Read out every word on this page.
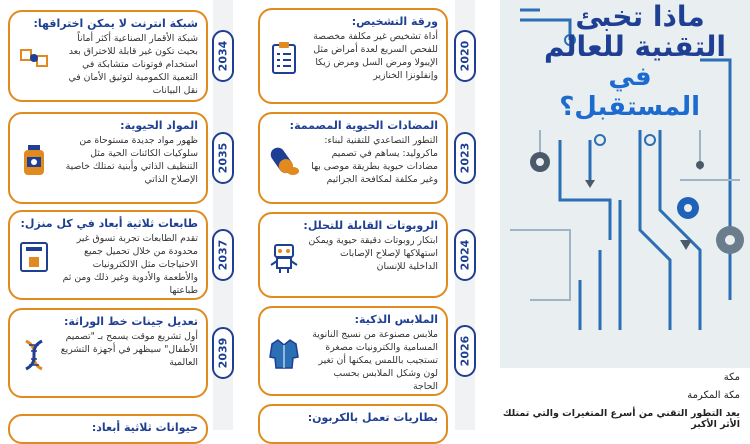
ماذا تخبئ
التقنية للعالم
في المستقبل؟
مكة
مكة المكرمة
يعد التطور التقني من أسرع المتغيرات والتي تمتلك الأثر الأكبر
ورقة التشخيص:
أداة تشخيص غير مكلفة مخصصة للفحص السريع لعدة أمراض مثل الإيبولا ومرض السل ومرض زيكا وإنفلونزا الخنازير
2020
المضادات الحيوية المصممة:
التطور التصاعدي للتقنية لبناء: ماكروليد: يساهم في تصميم مضادات حيوية بطريقة موصى بها وغير مكلفة لمكافحة الجراثيم
2023
الروبوتات القابلة للتحلل:
ابتكار روبوتات دقيقة حيوية ويمكن استهلاكها لإصلاح الإصابات الداخلية للإنسان 2024
الملابس الذكية:
ملابس مصنوعة من نسيج النانوية المسامية والكترونيات مصغرة تستجيب باللمس يمكنها أن تغير لون وشكل الملابس بحسب الحاجة
2026
بطاريات تعمل بالكربون:
شبكة انترنت لا يمكن اختراقها:
شبكة الأقمار الصناعية أكثر أماناً بحيث تكون غير قابلة للاختراق بعد استخدام فوتونات متشابكة في التعمية الكمومية لتوثيق الأمان في نقل البيانات
2034
المواد الحيوية:
ظهور مواد جديدة مستوحاة من سلوكيات الكائنات الحية مثل التنظيف الذاتي وأبنية تمتلك خاصية الإصلاح الذاتي
2035
طابعات ثلاثية أبعاد في كل منزل:
تقدم الطابعات تجربة تسوق غير محدودة من خلال تحميل جميع الاحتياجات مثل الالكترونيات والأطعمة والأدوية وغير ذلك ومن ثم طباعتها
2037
تعديل جينات خط الوراثة:
أول تشريع موقت يسمح بـ "تصميم الأطفال" سيظهر في أجهزة التشريع العالمية 2039
حيوانات ثلاثية أبعاد:
